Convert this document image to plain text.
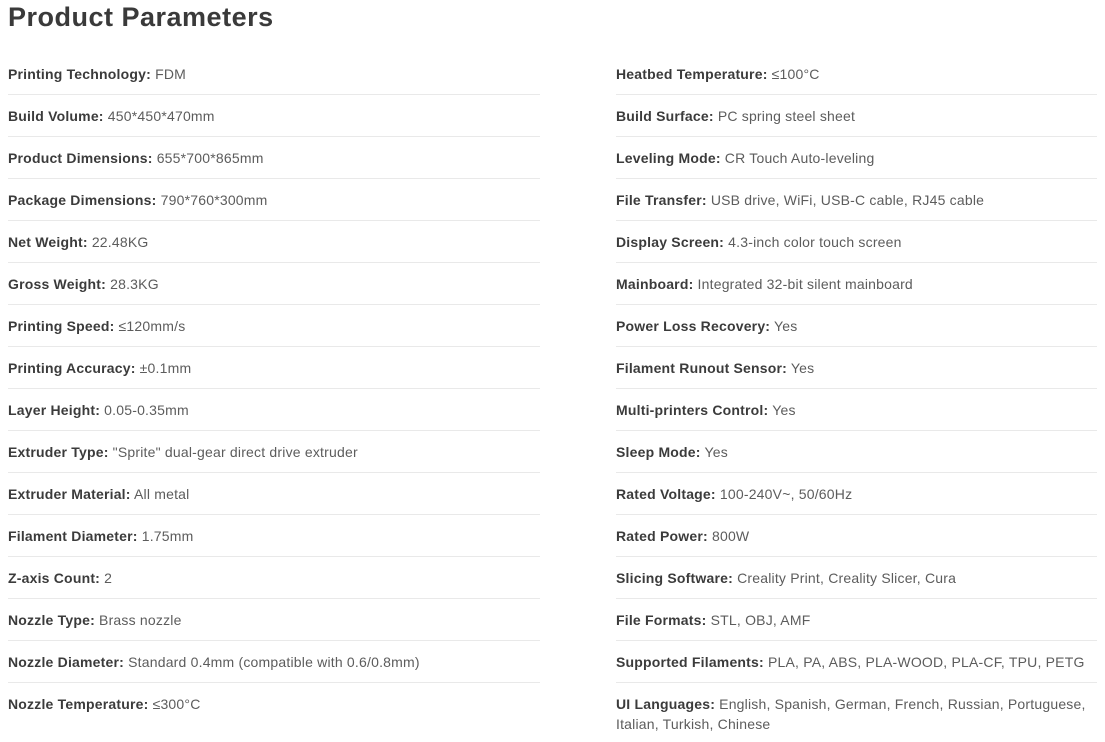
Product Parameters
Printing Technology: FDM
Build Volume: 450*450*470mm
Product Dimensions: 655*700*865mm
Package Dimensions: 790*760*300mm
Net Weight: 22.48KG
Gross Weight: 28.3KG
Printing Speed: ≤120mm/s
Printing Accuracy: ±0.1mm
Layer Height: 0.05-0.35mm
Extruder Type: "Sprite" dual-gear direct drive extruder
Extruder Material: All metal
Filament Diameter: 1.75mm
Z-axis Count: 2
Nozzle Type: Brass nozzle
Nozzle Diameter: Standard 0.4mm (compatible with 0.6/0.8mm)
Nozzle Temperature: ≤300°C
Heatbed Temperature: ≤100°C
Build Surface: PC spring steel sheet
Leveling Mode: CR Touch Auto-leveling
File Transfer: USB drive, WiFi, USB-C cable, RJ45 cable
Display Screen: 4.3-inch color touch screen
Mainboard: Integrated 32-bit silent mainboard
Power Loss Recovery: Yes
Filament Runout Sensor: Yes
Multi-printers Control: Yes
Sleep Mode: Yes
Rated Voltage: 100-240V~, 50/60Hz
Rated Power: 800W
Slicing Software: Creality Print, Creality Slicer, Cura
File Formats: STL, OBJ, AMF
Supported Filaments: PLA, PA, ABS, PLA-WOOD, PLA-CF, TPU, PETG
UI Languages: English, Spanish, German, French, Russian, Portuguese, Italian, Turkish, Chinese
